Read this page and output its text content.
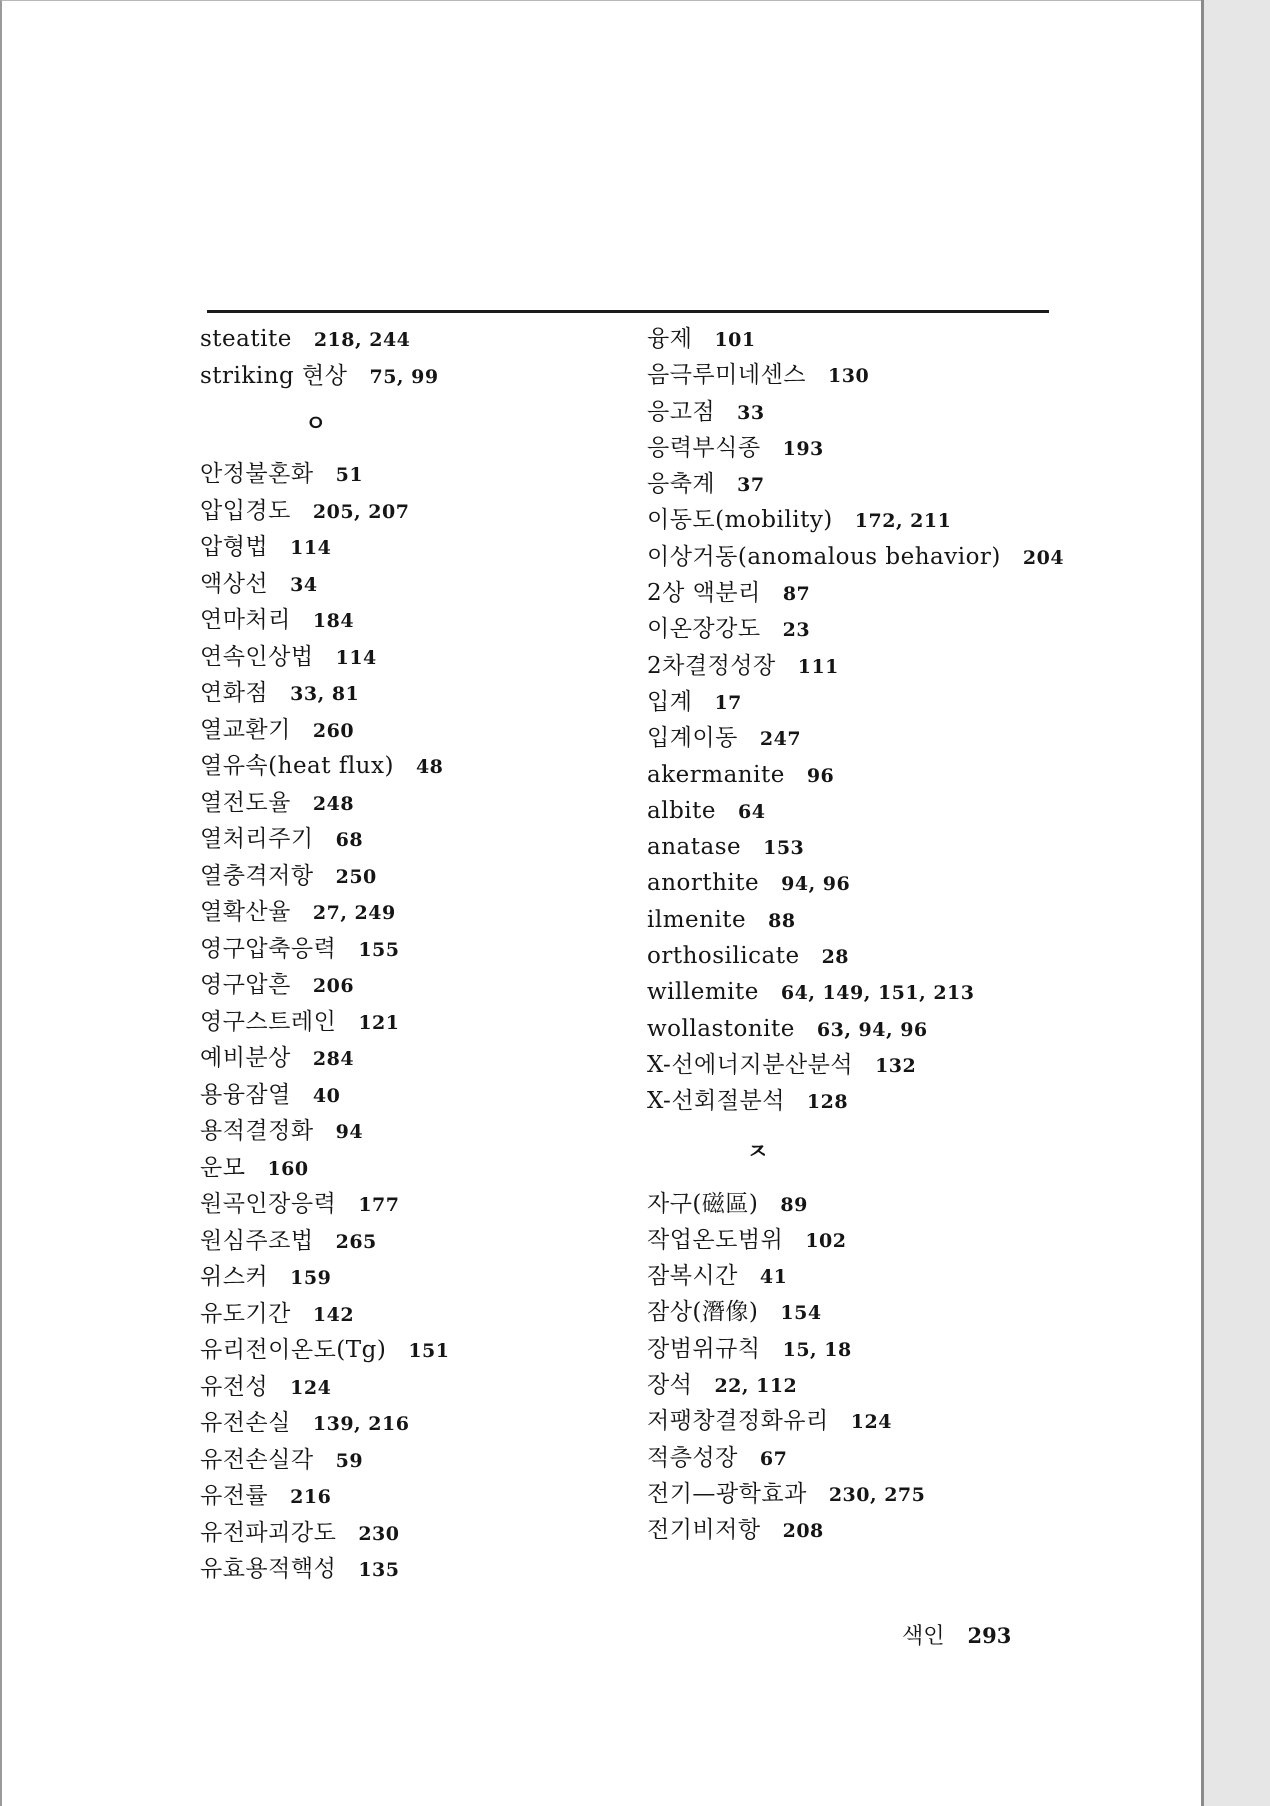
steatite 218, 244
striking 현상 75, 99
ㅇ
안정불혼화 51
압입경도 205, 207
압형법 114
액상선 34
연마처리 184
연속인상법 114
연화점 33, 81
열교환기 260
열유속(heat flux) 48
열전도율 248
열처리주기 68
열충격저항 250
열확산율 27, 249
영구압축응력 155
영구압흔 206
영구스트레인 121
예비분상 284
용융잠열 40
용적결정화 94
운모 160
원곡인장응력 177
원심주조법 265
위스커 159
유도기간 142
유리전이온도(Tg) 151
유전성 124
유전손실 139, 216
유전손실각 59
유전률 216
유전파괴강도 230
유효용적핵성 135
융제 101
음극루미네센스 130
응고점 33
응력부식종 193
응축계 37
이동도(mobility) 172, 211
이상거동(anomalous behavior) 204
2상 액분리 87
이온장강도 23
2차결정성장 111
입계 17
입계이동 247
akermanite 96
albite 64
anatase 153
anorthite 94, 96
ilmenite 88
orthosilicate 28
willemite 64, 149, 151, 213
wollastonite 63, 94, 96
X-선에너지분산분석 132
X-선회절분석 128
ㅈ
자구(磁區) 89
작업온도범위 102
잠복시간 41
잠상(潛像) 154
장범위규칙 15, 18
장석 22, 112
저팽창결정화유리 124
적층성장 67
전기—광학효과 230, 275
전기비저항 208
색인 293
